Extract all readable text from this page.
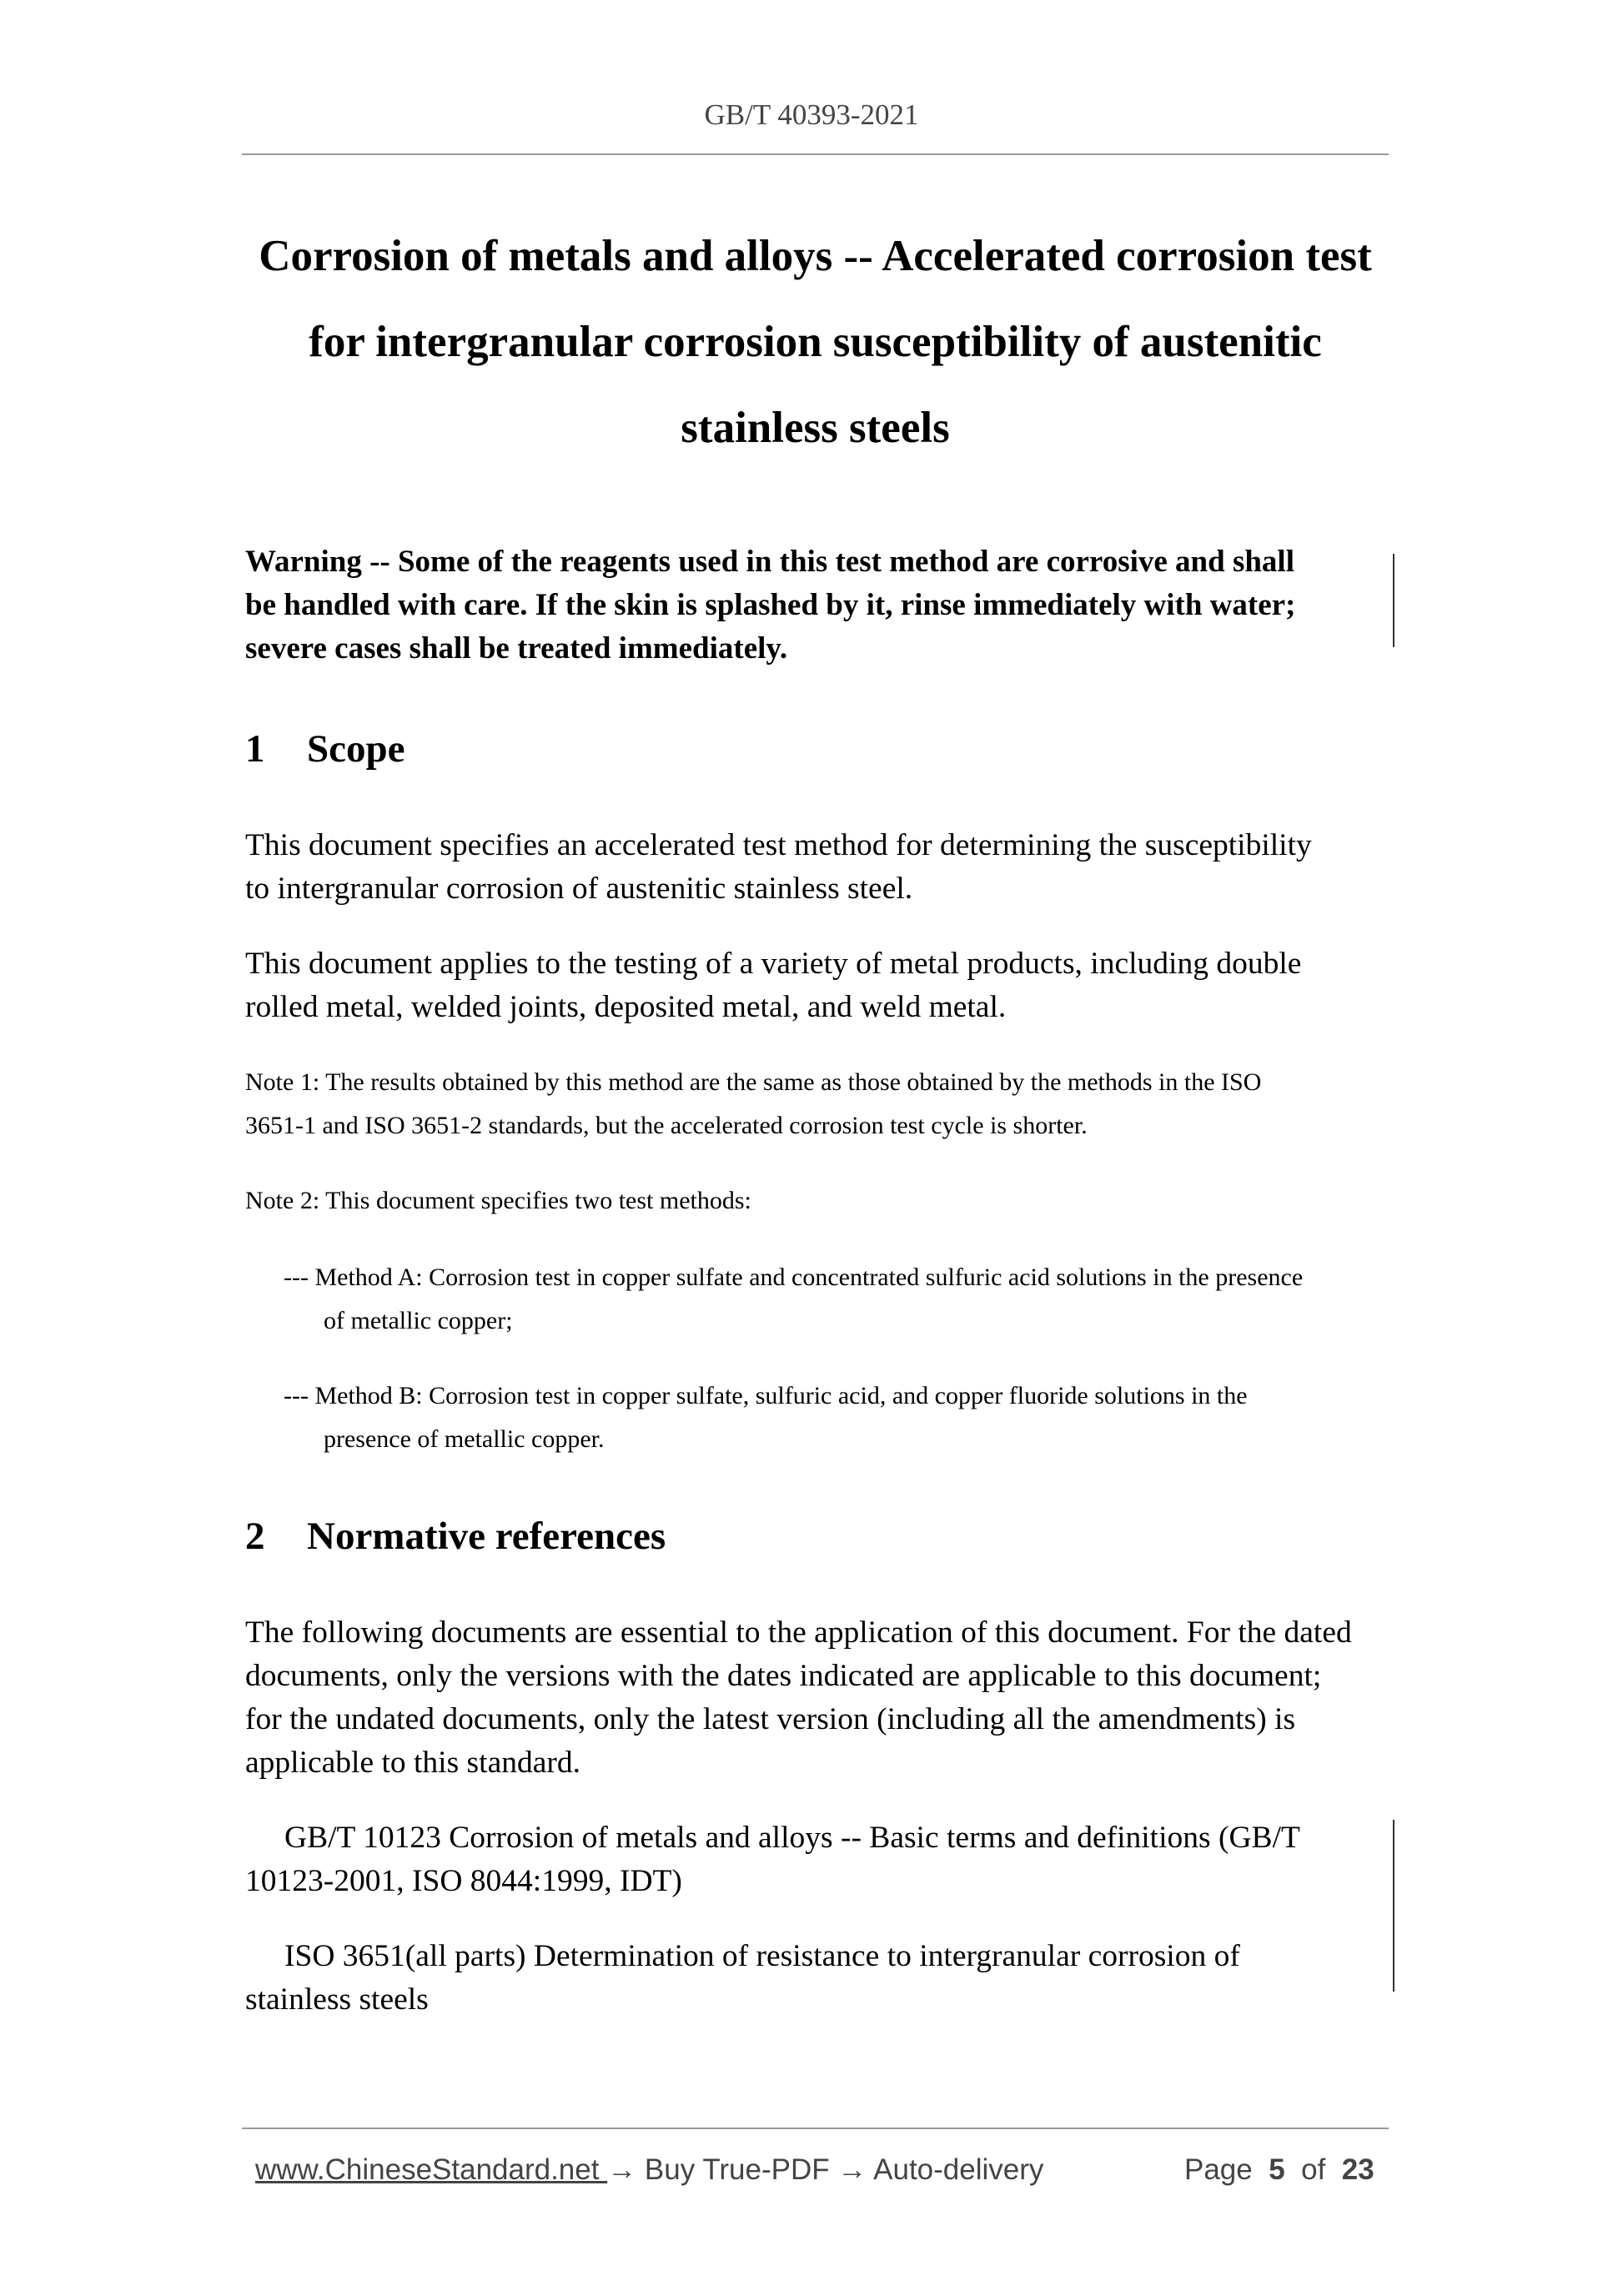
GB/T 40393-2021
Corrosion of metals and alloys -- Accelerated corrosion test
for intergranular corrosion susceptibility of austenitic
stainless steels
Warning -- Some of the reagents used in this test method are corrosive and shall
be handled with care. If the skin is splashed by it, rinse immediately with water;
severe cases shall be treated immediately.
1 Scope
This document specifies an accelerated test method for determining the susceptibility
to intergranular corrosion of austenitic stainless steel.
This document applies to the testing of a variety of metal products, including double
rolled metal, welded joints, deposited metal, and weld metal.
Note 1: The results obtained by this method are the same as those obtained by the methods in the ISO
3651-1 and ISO 3651-2 standards, but the accelerated corrosion test cycle is shorter.
Note 2: This document specifies two test methods:
--- Method A: Corrosion test in copper sulfate and concentrated sulfuric acid solutions in the presence
of metallic copper;
--- Method B: Corrosion test in copper sulfate, sulfuric acid, and copper fluoride solutions in the
presence of metallic copper.
2 Normative references
The following documents are essential to the application of this document. For the dated
documents, only the versions with the dates indicated are applicable to this document;
for the undated documents, only the latest version (including all the amendments) is
applicable to this standard.
GB/T 10123 Corrosion of metals and alloys -- Basic terms and definitions (GB/T
10123-2001, ISO 8044:1999, IDT)
ISO 3651(all parts) Determination of resistance to intergranular corrosion of
stainless steels
www.ChineseStandard.net → Buy True-PDF → Auto-delivery	Page 5 of 23
